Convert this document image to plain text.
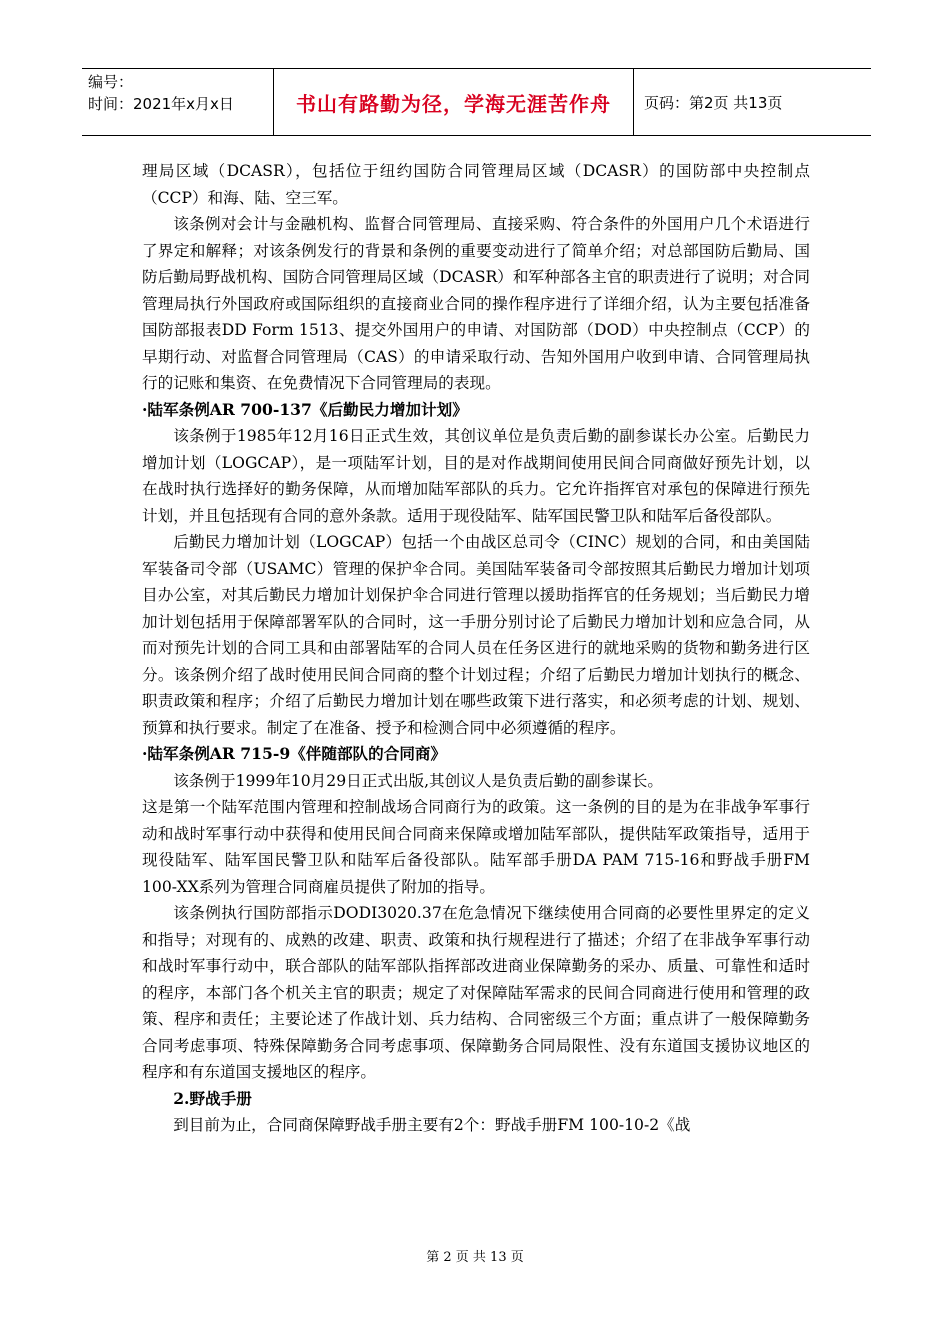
编号：
时间：2021年x月x日	书山有路勤为径，学海无涯苦作舟	页码：第2页 共13页

理局区域（DCASR），包括位于纽约国防合同管理局区域（DCASR）的国防部中央控制点（CCP）和海、陆、空三军。

该条例对会计与金融机构、监督合同管理局、直接采购、符合条件的外国用户几个术语进行了界定和解释；对该条例发行的背景和条例的重要变动进行了简单介绍；对总部国防后勤局、国防后勤局野战机构、国防合同管理局区域（DCASR）和军种部各主官的职责进行了说明；对合同管理局执行外国政府或国际组织的直接商业合同的操作程序进行了详细介绍，认为主要包括准备国防部报表DD Form 1513、提交外国用户的申请、对国防部（DOD）中央控制点（CCP）的早期行动、对监督合同管理局（CAS）的申请采取行动、告知外国用户收到申请、合同管理局执行的记账和集资、在免费情况下合同管理局的表现。

·陆军条例AR 700-137《后勤民力增加计划》

该条例于1985年12月16日正式生效，其创议单位是负责后勤的副参谋长办公室。后勤民力增加计划（LOGCAP），是一项陆军计划，目的是对作战期间使用民间合同商做好预先计划，以在战时执行选择好的勤务保障，从而增加陆军部队的兵力。它允许指挥官对承包的保障进行预先计划，并且包括现有合同的意外条款。适用于现役陆军、陆军国民警卫队和陆军后备役部队。

后勤民力增加计划（LOGCAP）包括一个由战区总司令（CINC）规划的合同，和由美国陆军装备司令部（USAMC）管理的保护伞合同。美国陆军装备司令部按照其后勤民力增加计划项目办公室，对其后勤民力增加计划保护伞合同进行管理以援助指挥官的任务规划；当后勤民力增加计划包括用于保障部署军队的合同时，这一手册分别讨论了后勤民力增加计划和应急合同，从而对预先计划的合同工具和由部署陆军的合同人员在任务区进行的就地采购的货物和勤务进行区分。该条例介绍了战时使用民间合同商的整个计划过程；介绍了后勤民力增加计划执行的概念、职责政策和程序；介绍了后勤民力增加计划在哪些政策下进行落实，和必须考虑的计划、规划、预算和执行要求。制定了在准备、授予和检测合同中必须遵循的程序。

·陆军条例AR 715-9《伴随部队的合同商》

该条例于1999年10月29日正式出版,其创议人是负责后勤的副参谋长。

这是第一个陆军范围内管理和控制战场合同商行为的政策。这一条例的目的是为在非战争军事行动和战时军事行动中获得和使用民间合同商来保障或增加陆军部队，提供陆军政策指导，适用于现役陆军、陆军国民警卫队和陆军后备役部队。陆军部手册DA PAM 715-16和野战手册FM 100-XX系列为管理合同商雇员提供了附加的指导。

该条例执行国防部指示DODI3020.37在危急情况下继续使用合同商的必要性里界定的定义和指导；对现有的、成熟的改建、职责、政策和执行规程进行了描述；介绍了在非战争军事行动和战时军事行动中，联合部队的陆军部队指挥部改进商业保障勤务的采办、质量、可靠性和适时的程序，本部门各个机关主官的职责；规定了对保障陆军需求的民间合同商进行使用和管理的政策、程序和责任；主要论述了作战计划、兵力结构、合同密级三个方面；重点讲了一般保障勤务合同考虑事项、特殊保障勤务合同考虑事项、保障勤务合同局限性、没有东道国支援协议地区的程序和有东道国支援地区的程序。

2.野战手册

到目前为止，合同商保障野战手册主要有2个：野战手册FM 100-10-2《战

第 2 页 共 13 页
